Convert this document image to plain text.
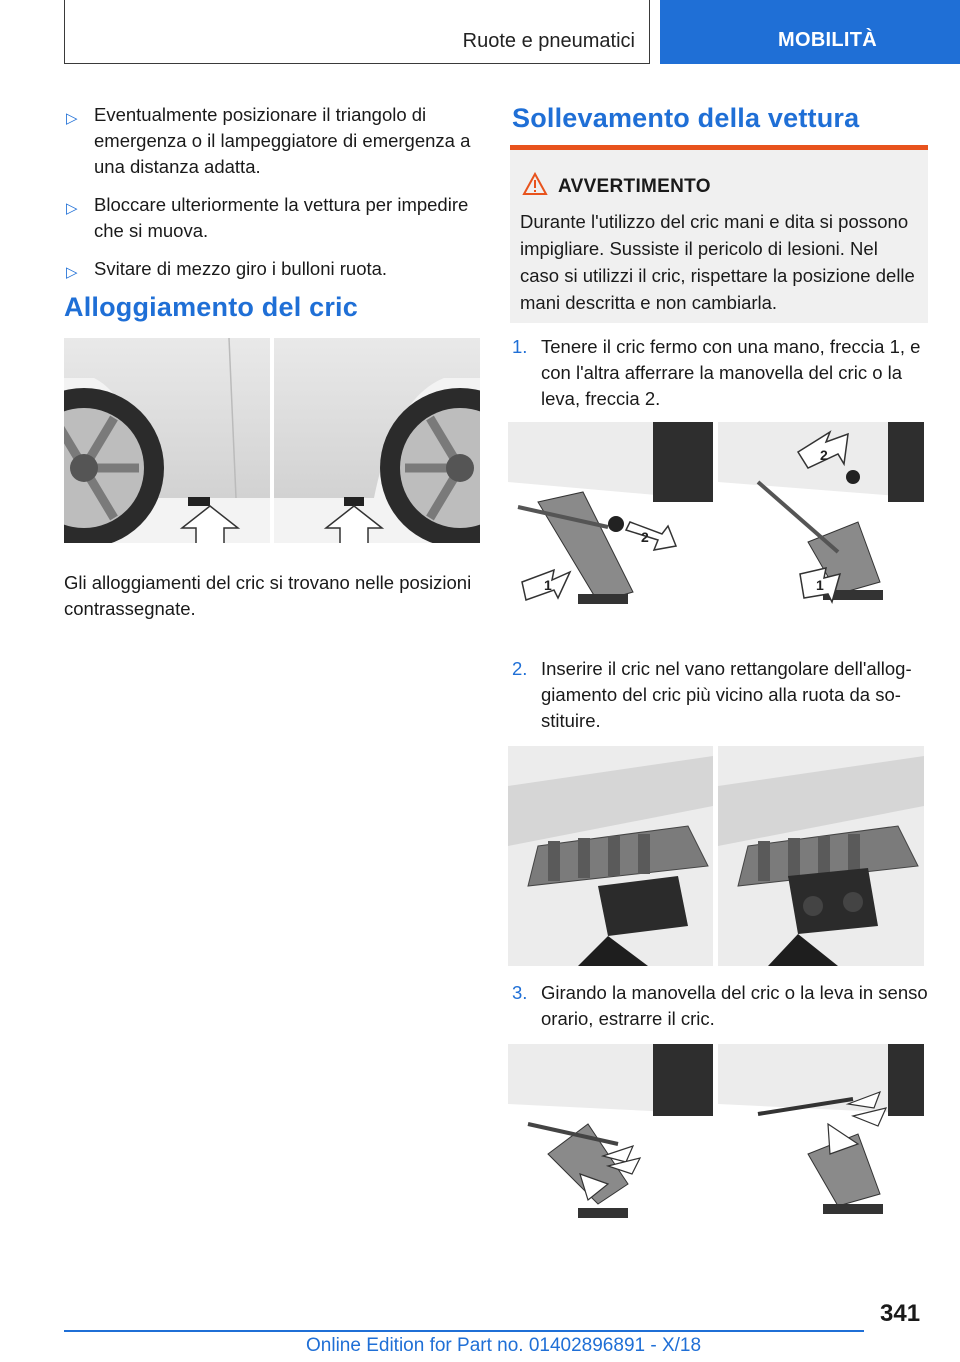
Ruote e pneumatici	MOBILITÀ
▷ Eventualmente posizionare il triangolo di emergenza o il lampeggiatore di emergenza a una distanza adatta.
▷ Bloccare ulteriormente la vettura per impedire che si muova.
▷ Svitare di mezzo giro i bulloni ruota.
Alloggiamento del cric
Gli alloggiamenti del cric si trovano nelle posizioni contrassegnate.
Sollevamento della vettura
AVVERTIMENTO
Durante l'utilizzo del cric mani e dita si possono impigliare. Sussiste il pericolo di lesioni. Nel caso si utilizzi il cric, rispettare la posizione delle mani descritta e non cambiarla.
1. Tenere il cric fermo con una mano, freccia 1, e con l'altra afferrare la manovella del cric o la leva, freccia 2.
2
1
2
1
2. Inserire il cric nel vano rettangolare dell'allog-giamento del cric più vicino alla ruota da so-stituire.
3. Girando la manovella del cric o la leva in senso orario, estrarre il cric.
341
Online Edition for Part no. 01402896891 - X/18
